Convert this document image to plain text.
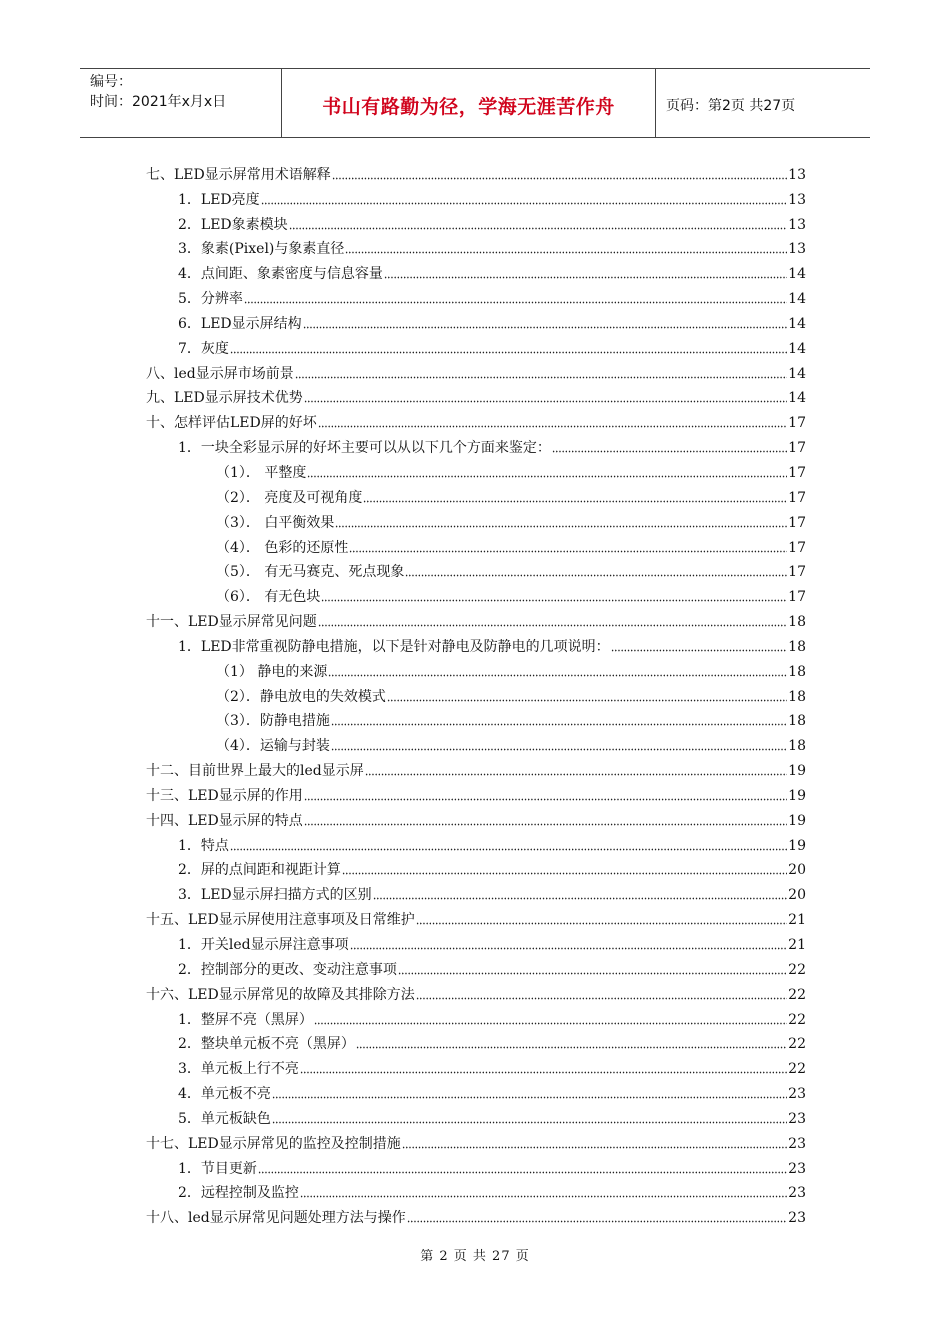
编号：
时间：2021年x月x日	书山有路勤为径，学海无涯苦作舟	页码：第2页 共27页
七、LED显示屏常用术语解释	13
1．LED亮度	13
2．LED象素模块	13
3．象素(Pixel)与象素直径	13
4．点间距、象素密度与信息容量	14
5．分辨率	14
6．LED显示屏结构	14
7．灰度	14
八、led显示屏市场前景	14
九、LED显示屏技术优势	14
十、怎样评估LED屏的好坏	17
1．一块全彩显示屏的好坏主要可以从以下几个方面来鉴定：	17
（1）． 平整度	17
（2）． 亮度及可视角度	17
（3）． 白平衡效果	17
（4）． 色彩的还原性	17
（5）． 有无马赛克、死点现象	17
（6）． 有无色块	17
十一、LED显示屏常见问题	18
1．LED非常重视防静电措施，以下是针对静电及防静电的几项说明：	18
（1） 静电的来源	18
（2）．静电放电的失效模式	18
（3）．防静电措施	18
（4）．运输与封装	18
十二、目前世界上最大的led显示屏	19
十三、LED显示屏的作用	19
十四、LED显示屏的特点	19
1．特点	19
2．屏的点间距和视距计算	20
3．LED显示屏扫描方式的区别	20
十五、LED显示屏使用注意事项及日常维护	21
1．开关led显示屏注意事项	21
2．控制部分的更改、变动注意事项	22
十六、LED显示屏常见的故障及其排除方法	22
1．整屏不亮（黑屏）	22
2．整块单元板不亮（黑屏）	22
3．单元板上行不亮	22
4．单元板不亮	23
5．单元板缺色	23
十七、LED显示屏常见的监控及控制措施	23
1．节目更新	23
2．远程控制及监控	23
十八、led显示屏常见问题处理方法与操作	23
第 2 页 共 27 页
